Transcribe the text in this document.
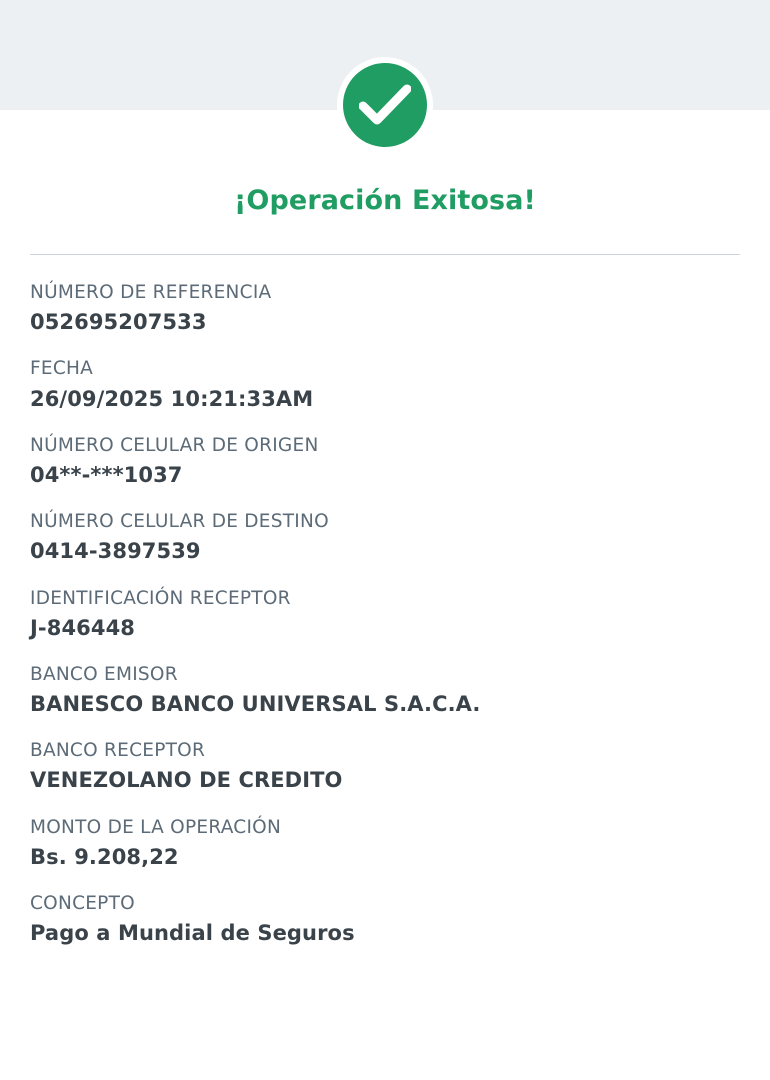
¡Operación Exitosa!
NÚMERO DE REFERENCIA
052695207533
FECHA
26/09/2025 10:21:33AM
NÚMERO CELULAR DE ORIGEN
04**-***1037
NÚMERO CELULAR DE DESTINO
0414-3897539
IDENTIFICACIÓN RECEPTOR
J-846448
BANCO EMISOR
BANESCO BANCO UNIVERSAL S.A.C.A.
BANCO RECEPTOR
VENEZOLANO DE CREDITO
MONTO DE LA OPERACIÓN
Bs. 9.208,22
CONCEPTO
Pago a Mundial de Seguros
